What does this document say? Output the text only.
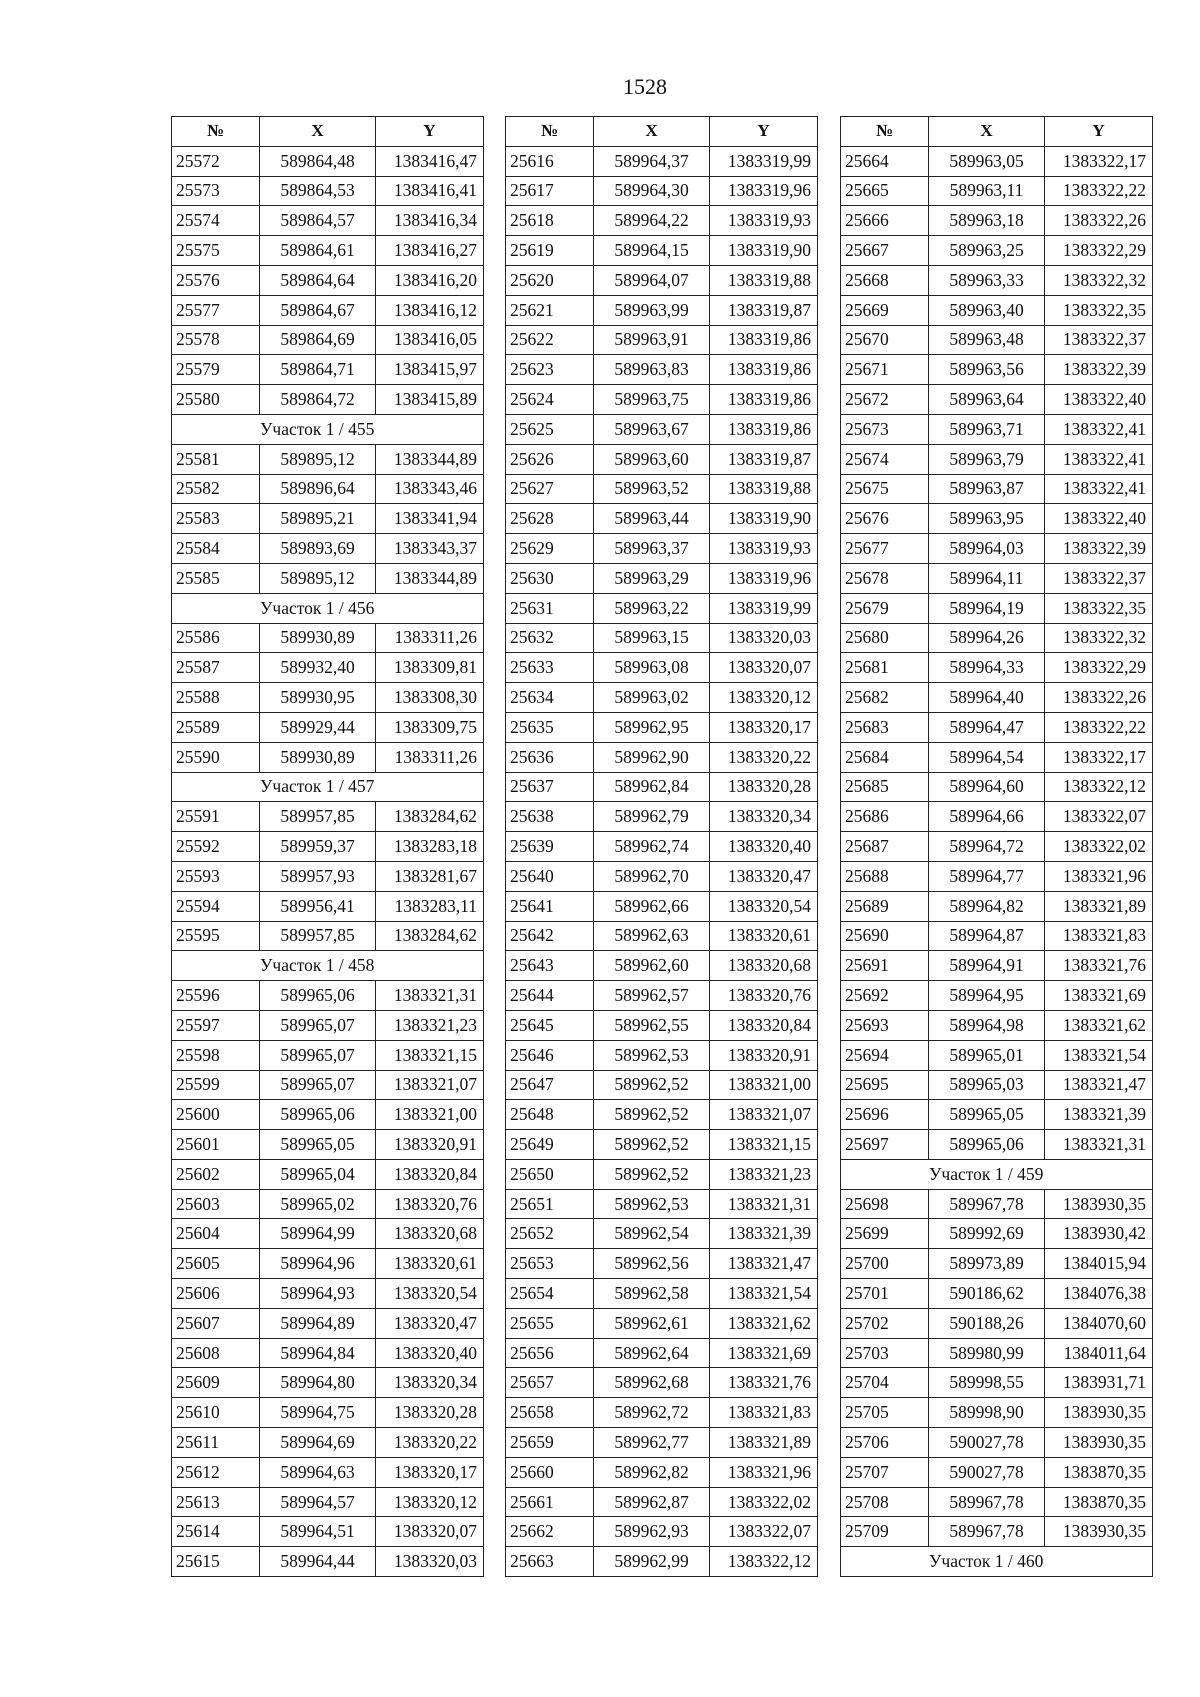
1528
№	X	Y
25572	589864,48	1383416,47
25573	589864,53	1383416,41
25574	589864,57	1383416,34
25575	589864,61	1383416,27
25576	589864,64	1383416,20
25577	589864,67	1383416,12
25578	589864,69	1383416,05
25579	589864,71	1383415,97
25580	589864,72	1383415,89
Участок 1 / 455		
25581	589895,12	1383344,89
25582	589896,64	1383343,46
25583	589895,21	1383341,94
25584	589893,69	1383343,37
25585	589895,12	1383344,89
Участок 1 / 456		
25586	589930,89	1383311,26
25587	589932,40	1383309,81
25588	589930,95	1383308,30
25589	589929,44	1383309,75
25590	589930,89	1383311,26
Участок 1 / 457		
25591	589957,85	1383284,62
25592	589959,37	1383283,18
25593	589957,93	1383281,67
25594	589956,41	1383283,11
25595	589957,85	1383284,62
Участок 1 / 458		
25596	589965,06	1383321,31
25597	589965,07	1383321,23
25598	589965,07	1383321,15
25599	589965,07	1383321,07
25600	589965,06	1383321,00
25601	589965,05	1383320,91
25602	589965,04	1383320,84
25603	589965,02	1383320,76
25604	589964,99	1383320,68
25605	589964,96	1383320,61
25606	589964,93	1383320,54
25607	589964,89	1383320,47
25608	589964,84	1383320,40
25609	589964,80	1383320,34
25610	589964,75	1383320,28
25611	589964,69	1383320,22
25612	589964,63	1383320,17
25613	589964,57	1383320,12
25614	589964,51	1383320,07
25615	589964,44	1383320,03
№	X	Y
25616	589964,37	1383319,99
25617	589964,30	1383319,96
25618	589964,22	1383319,93
25619	589964,15	1383319,90
25620	589964,07	1383319,88
25621	589963,99	1383319,87
25622	589963,91	1383319,86
25623	589963,83	1383319,86
25624	589963,75	1383319,86
25625	589963,67	1383319,86
25626	589963,60	1383319,87
25627	589963,52	1383319,88
25628	589963,44	1383319,90
25629	589963,37	1383319,93
25630	589963,29	1383319,96
25631	589963,22	1383319,99
25632	589963,15	1383320,03
25633	589963,08	1383320,07
25634	589963,02	1383320,12
25635	589962,95	1383320,17
25636	589962,90	1383320,22
25637	589962,84	1383320,28
25638	589962,79	1383320,34
25639	589962,74	1383320,40
25640	589962,70	1383320,47
25641	589962,66	1383320,54
25642	589962,63	1383320,61
25643	589962,60	1383320,68
25644	589962,57	1383320,76
25645	589962,55	1383320,84
25646	589962,53	1383320,91
25647	589962,52	1383321,00
25648	589962,52	1383321,07
25649	589962,52	1383321,15
25650	589962,52	1383321,23
25651	589962,53	1383321,31
25652	589962,54	1383321,39
25653	589962,56	1383321,47
25654	589962,58	1383321,54
25655	589962,61	1383321,62
25656	589962,64	1383321,69
25657	589962,68	1383321,76
25658	589962,72	1383321,83
25659	589962,77	1383321,89
25660	589962,82	1383321,96
25661	589962,87	1383322,02
25662	589962,93	1383322,07
25663	589962,99	1383322,12
№	X	Y
25664	589963,05	1383322,17
25665	589963,11	1383322,22
25666	589963,18	1383322,26
25667	589963,25	1383322,29
25668	589963,33	1383322,32
25669	589963,40	1383322,35
25670	589963,48	1383322,37
25671	589963,56	1383322,39
25672	589963,64	1383322,40
25673	589963,71	1383322,41
25674	589963,79	1383322,41
25675	589963,87	1383322,41
25676	589963,95	1383322,40
25677	589964,03	1383322,39
25678	589964,11	1383322,37
25679	589964,19	1383322,35
25680	589964,26	1383322,32
25681	589964,33	1383322,29
25682	589964,40	1383322,26
25683	589964,47	1383322,22
25684	589964,54	1383322,17
25685	589964,60	1383322,12
25686	589964,66	1383322,07
25687	589964,72	1383322,02
25688	589964,77	1383321,96
25689	589964,82	1383321,89
25690	589964,87	1383321,83
25691	589964,91	1383321,76
25692	589964,95	1383321,69
25693	589964,98	1383321,62
25694	589965,01	1383321,54
25695	589965,03	1383321,47
25696	589965,05	1383321,39
25697	589965,06	1383321,31
Участок 1 / 459		
25698	589967,78	1383930,35
25699	589992,69	1383930,42
25700	589973,89	1384015,94
25701	590186,62	1384076,38
25702	590188,26	1384070,60
25703	589980,99	1384011,64
25704	589998,55	1383931,71
25705	589998,90	1383930,35
25706	590027,78	1383930,35
25707	590027,78	1383870,35
25708	589967,78	1383870,35
25709	589967,78	1383930,35
Участок 1 / 460		
